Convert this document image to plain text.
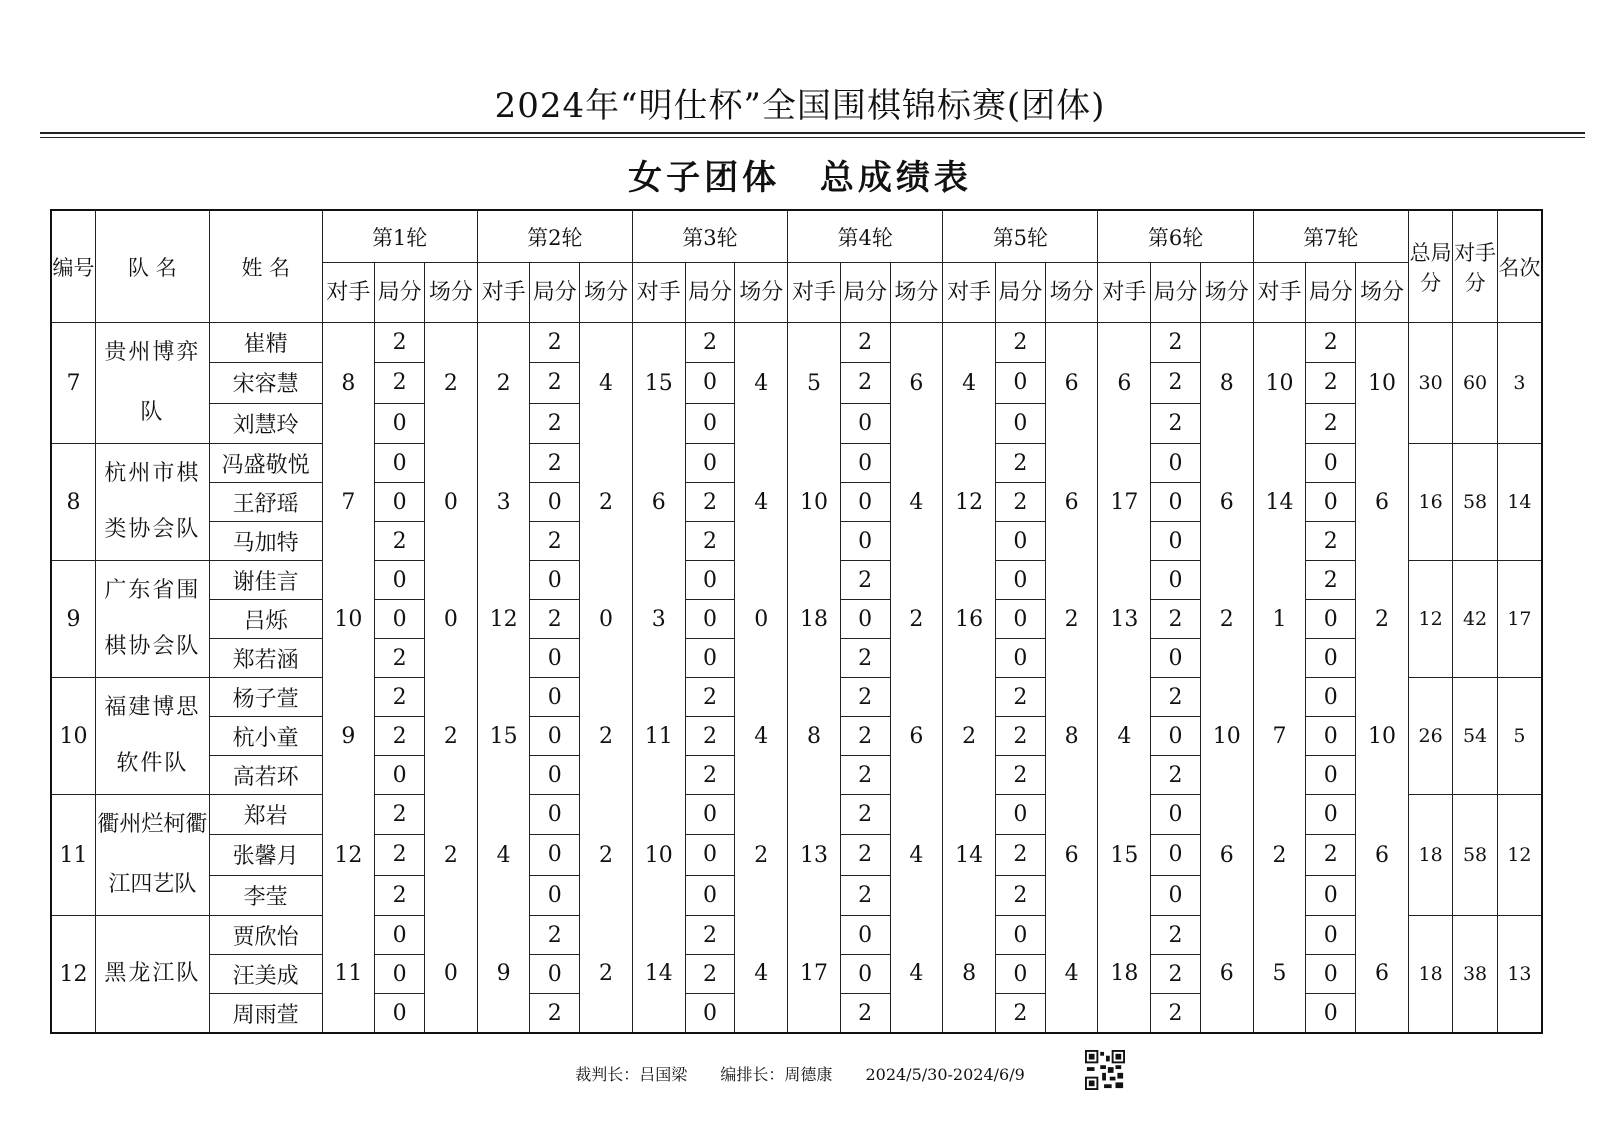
2024年“明仕杯”全国围棋锦标赛(团体)
女子团体 总成绩表
编号	队 名	姓 名	第1轮			第2轮			第3轮			第4轮			第5轮			第6轮			第7轮			总局分	对手分	名次
			对手	局分	场分	对手	局分	场分	对手	局分	场分	对手	局分	场分	对手	局分	场分	对手	局分	场分	对手	局分	场分			
7	贵州博弈队	崔精	8	2	2	2	2	4	15	2	4	5	2	6	4	2	6	6	2	8	10	2	10	30	60	3
		宋容慧		2			2			0			2			0			2			2				
		刘慧玲		0			2			0			0			0			2			2				
8	杭州市棋类协会队	冯盛敬悦	7	0	0	3	2	2	6	0	4	10	0	4	12	2	6	17	0	6	14	0	6	16	58	14
		王舒瑶		0			0			2			0			2			0			0				
		马加特		2			2			2			0			0			0			2				
9	广东省围棋协会队	谢佳言	10	0	0	12	0	0	3	0	0	18	2	2	16	0	2	13	0	2	1	2	2	12	42	17
		吕烁		0			2			0			0			0			2			0				
		郑若涵		2			0			0			2			0			0			0				
10	福建博思软件队	杨子萱	9	2	2	15	0	2	11	2	4	8	2	6	2	2	8	4	2	10	7	0	10	26	54	5
		杭小童		2			0			2			2			2			0			0				
		高若环		0			0			2			2			2			2			0				
11	衢州烂柯衢江四艺队	郑岩	12	2	2	4	0	2	10	0	2	13	2	4	14	0	6	15	0	6	2	0	6	18	58	12
		张馨月		2			0			0			2			2			0			2				
		李莹		2			0			0			2			2			0			0				
12	黑龙江队	贾欣怡	11	0	0	9	2	2	14	2	4	17	0	4	8	0	4	18	2	6	5	0	6	18	38	13
		汪美成		0			0			2			0			0			2			0				
		周雨萱		0			2			0			2			2			2			0				
裁判长：吕国梁 编排长：周德康 2024/5/30-2024/6/9
